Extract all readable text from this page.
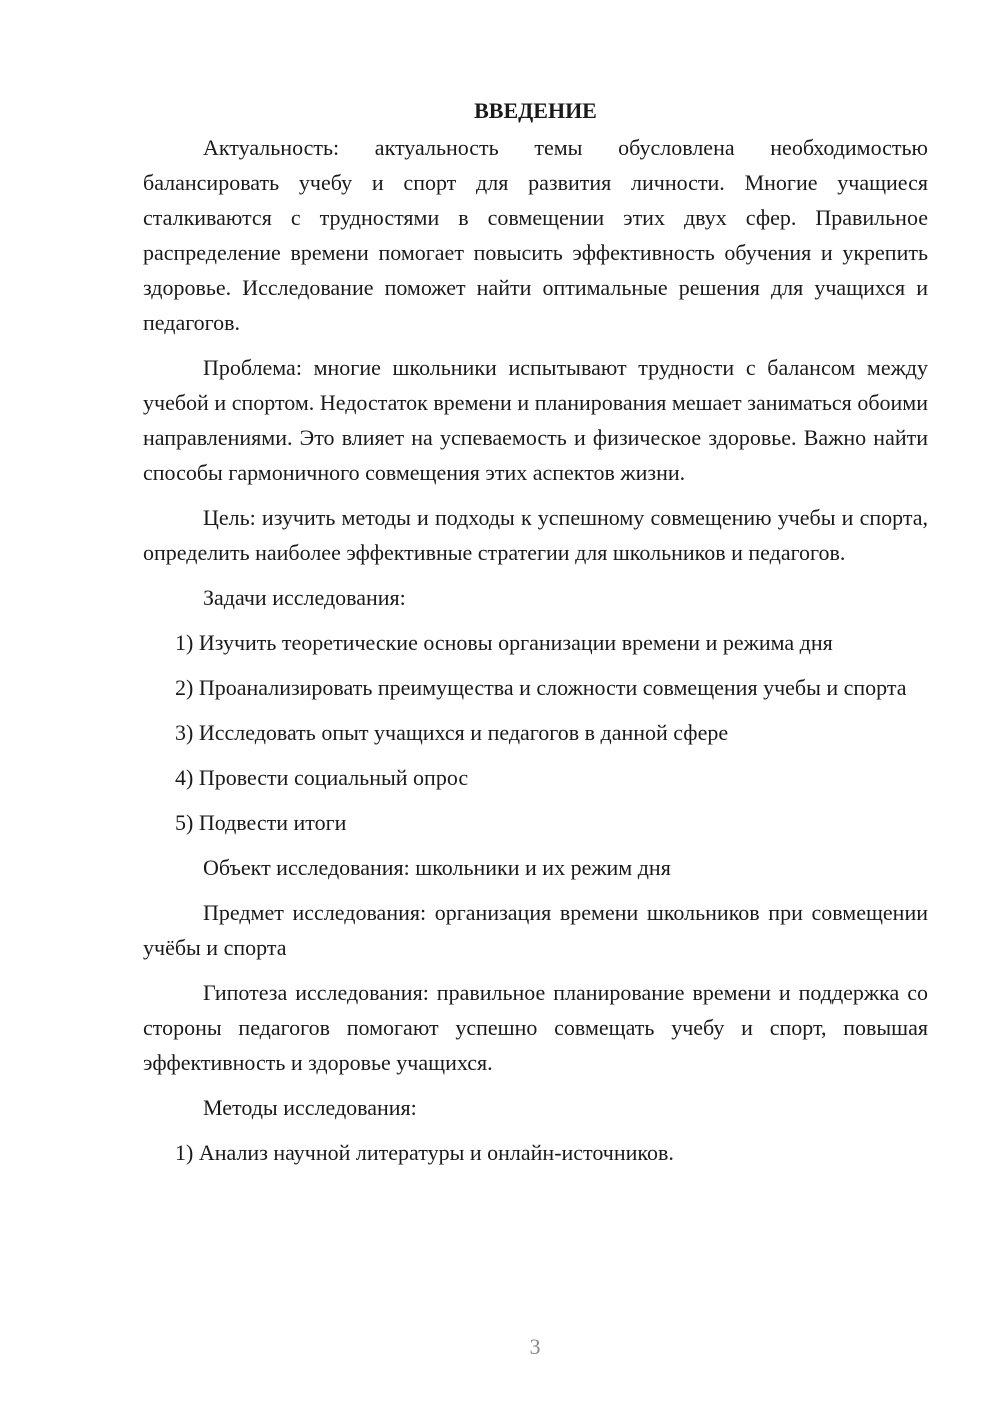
ВВЕДЕНИЕ

Актуальность: актуальность темы обусловлена необходимостью балансировать учебу и спорт для развития личности. Многие учащиеся сталкиваются с трудностями в совмещении этих двух сфер. Правильное распределение времени помогает повысить эффективность обучения и укрепить здоровье. Исследование поможет найти оптимальные решения для учащихся и педагогов.

Проблема: многие школьники испытывают трудности с балансом между учебой и спортом. Недостаток времени и планирования мешает заниматься обоими направлениями. Это влияет на успеваемость и физическое здоровье. Важно найти способы гармоничного совмещения этих аспектов жизни.

Цель: изучить методы и подходы к успешному совмещению учебы и спорта, определить наиболее эффективные стратегии для школьников и педагогов.

Задачи исследования:

1) Изучить теоретические основы организации времени и режима дня

2) Проанализировать преимущества и сложности совмещения учебы и спорта

3) Исследовать опыт учащихся и педагогов в данной сфере

4) Провести социальный опрос

5) Подвести итоги

Объект исследования: школьники и их режим дня

Предмет исследования: организация времени школьников при совмещении учёбы и спорта

Гипотеза исследования: правильное планирование времени и поддержка со стороны педагогов помогают успешно совмещать учебу и спорт, повышая эффективность и здоровье учащихся.

Методы исследования:

1) Анализ научной литературы и онлайн-источников.

3
